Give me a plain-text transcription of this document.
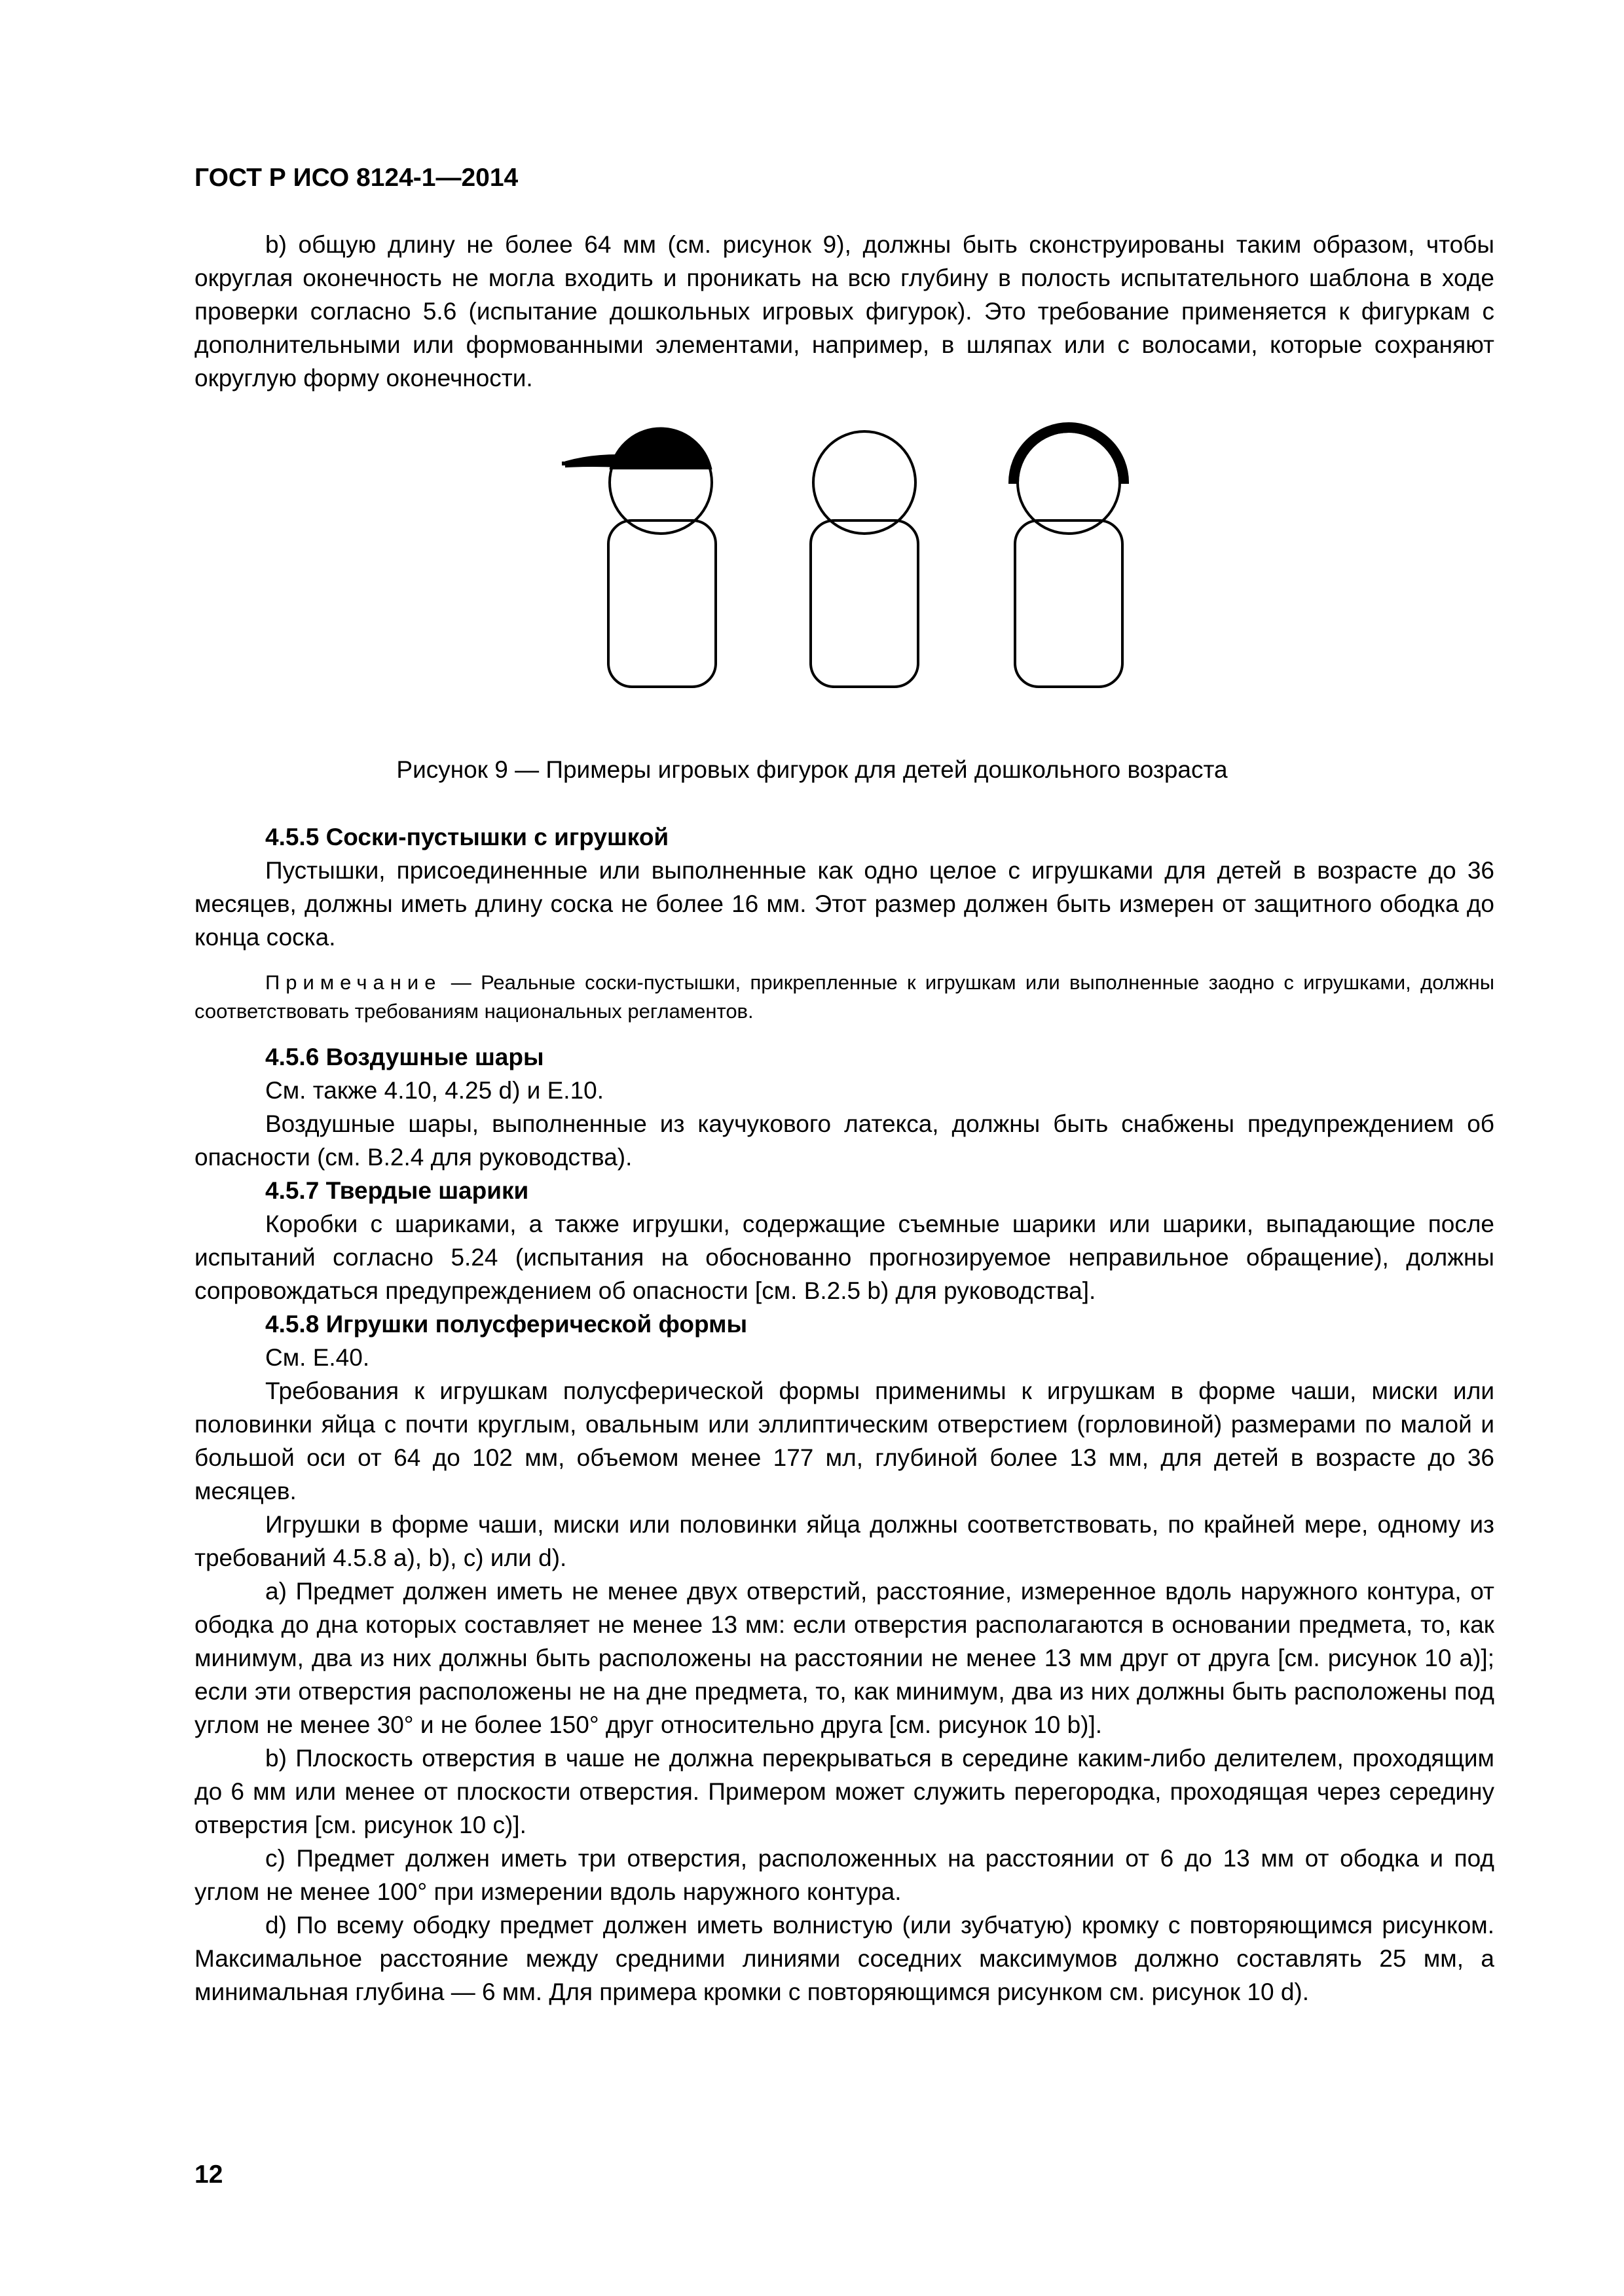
ГОСТ Р ИСО 8124-1—2014

b) общую длину не более 64 мм (см. рисунок 9), должны быть сконструированы таким образом, чтобы округлая оконечность не могла входить и проникать на всю глубину в полость испытательного шаблона в ходе проверки согласно 5.6 (испытание дошкольных игровых фигурок). Это требование применяется к фигуркам с дополнительными или формованными элементами, например, в шляпах или с волосами, которые сохраняют округлую форму оконечности.

Рисунок 9 — Примеры игровых фигурок для детей дошкольного возраста
4.5.5 Соски-пустышки с игрушкой

Пустышки, присоединенные или выполненные как одно целое с игрушками для детей в возрасте до 36 месяцев, должны иметь длину соска не более 16 мм. Этот размер должен быть измерен от защитного ободка до конца соска.

Примечание — Реальные соски-пустышки, прикрепленные к игрушкам или выполненные заодно с игрушками, должны соответствовать требованиям национальных регламентов.

4.5.6 Воздушные шары

См. также 4.10, 4.25 d) и Е.10.

Воздушные шары, выполненные из каучукового латекса, должны быть снабжены предупреждением об опасности (см. В.2.4 для руководства).

4.5.7 Твердые шарики

Коробки с шариками, а также игрушки, содержащие съемные шарики или шарики, выпадающие после испытаний согласно 5.24 (испытания на обоснованно прогнозируемое неправильное обращение), должны сопровождаться предупреждением об опасности [см. В.2.5 b) для руководства].

4.5.8 Игрушки полусферической формы

См. Е.40.

Требования к игрушкам полусферической формы применимы к игрушкам в форме чаши, миски или половинки яйца с почти круглым, овальным или эллиптическим отверстием (горловиной) размерами по малой и большой оси от 64 до 102 мм, объемом менее 177 мл, глубиной более 13 мм, для детей в возрасте до 36 месяцев.

Игрушки в форме чаши, миски или половинки яйца должны соответствовать, по крайней мере, одному из требований 4.5.8 а), b), c) или d).

а) Предмет должен иметь не менее двух отверстий, расстояние, измеренное вдоль наружного контура, от ободка до дна которых составляет не менее 13 мм: если отверстия располагаются в основании предмета, то, как минимум, два из них должны быть расположены на расстоянии не менее 13 мм друг от друга [см. рисунок 10 а)]; если эти отверстия расположены не на дне предмета, то, как минимум, два из них должны быть расположены под углом не менее 30° и не более 150° друг относительно друга [см. рисунок 10 b)].

b) Плоскость отверстия в чаше не должна перекрываться в середине каким-либо делителем, проходящим до 6 мм или менее от плоскости отверстия. Примером может служить перегородка, проходящая через середину отверстия [см. рисунок 10 с)].

с) Предмет должен иметь три отверстия, расположенных на расстоянии от 6 до 13 мм от ободка и под углом не менее 100° при измерении вдоль наружного контура.

d) По всему ободку предмет должен иметь волнистую (или зубчатую) кромку с повторяющимся рисунком. Максимальное расстояние между средними линиями соседних максимумов должно составлять 25 мм, а минимальная глубина — 6 мм. Для примера кромки с повторяющимся рисунком см. рисунок 10 d).

12
